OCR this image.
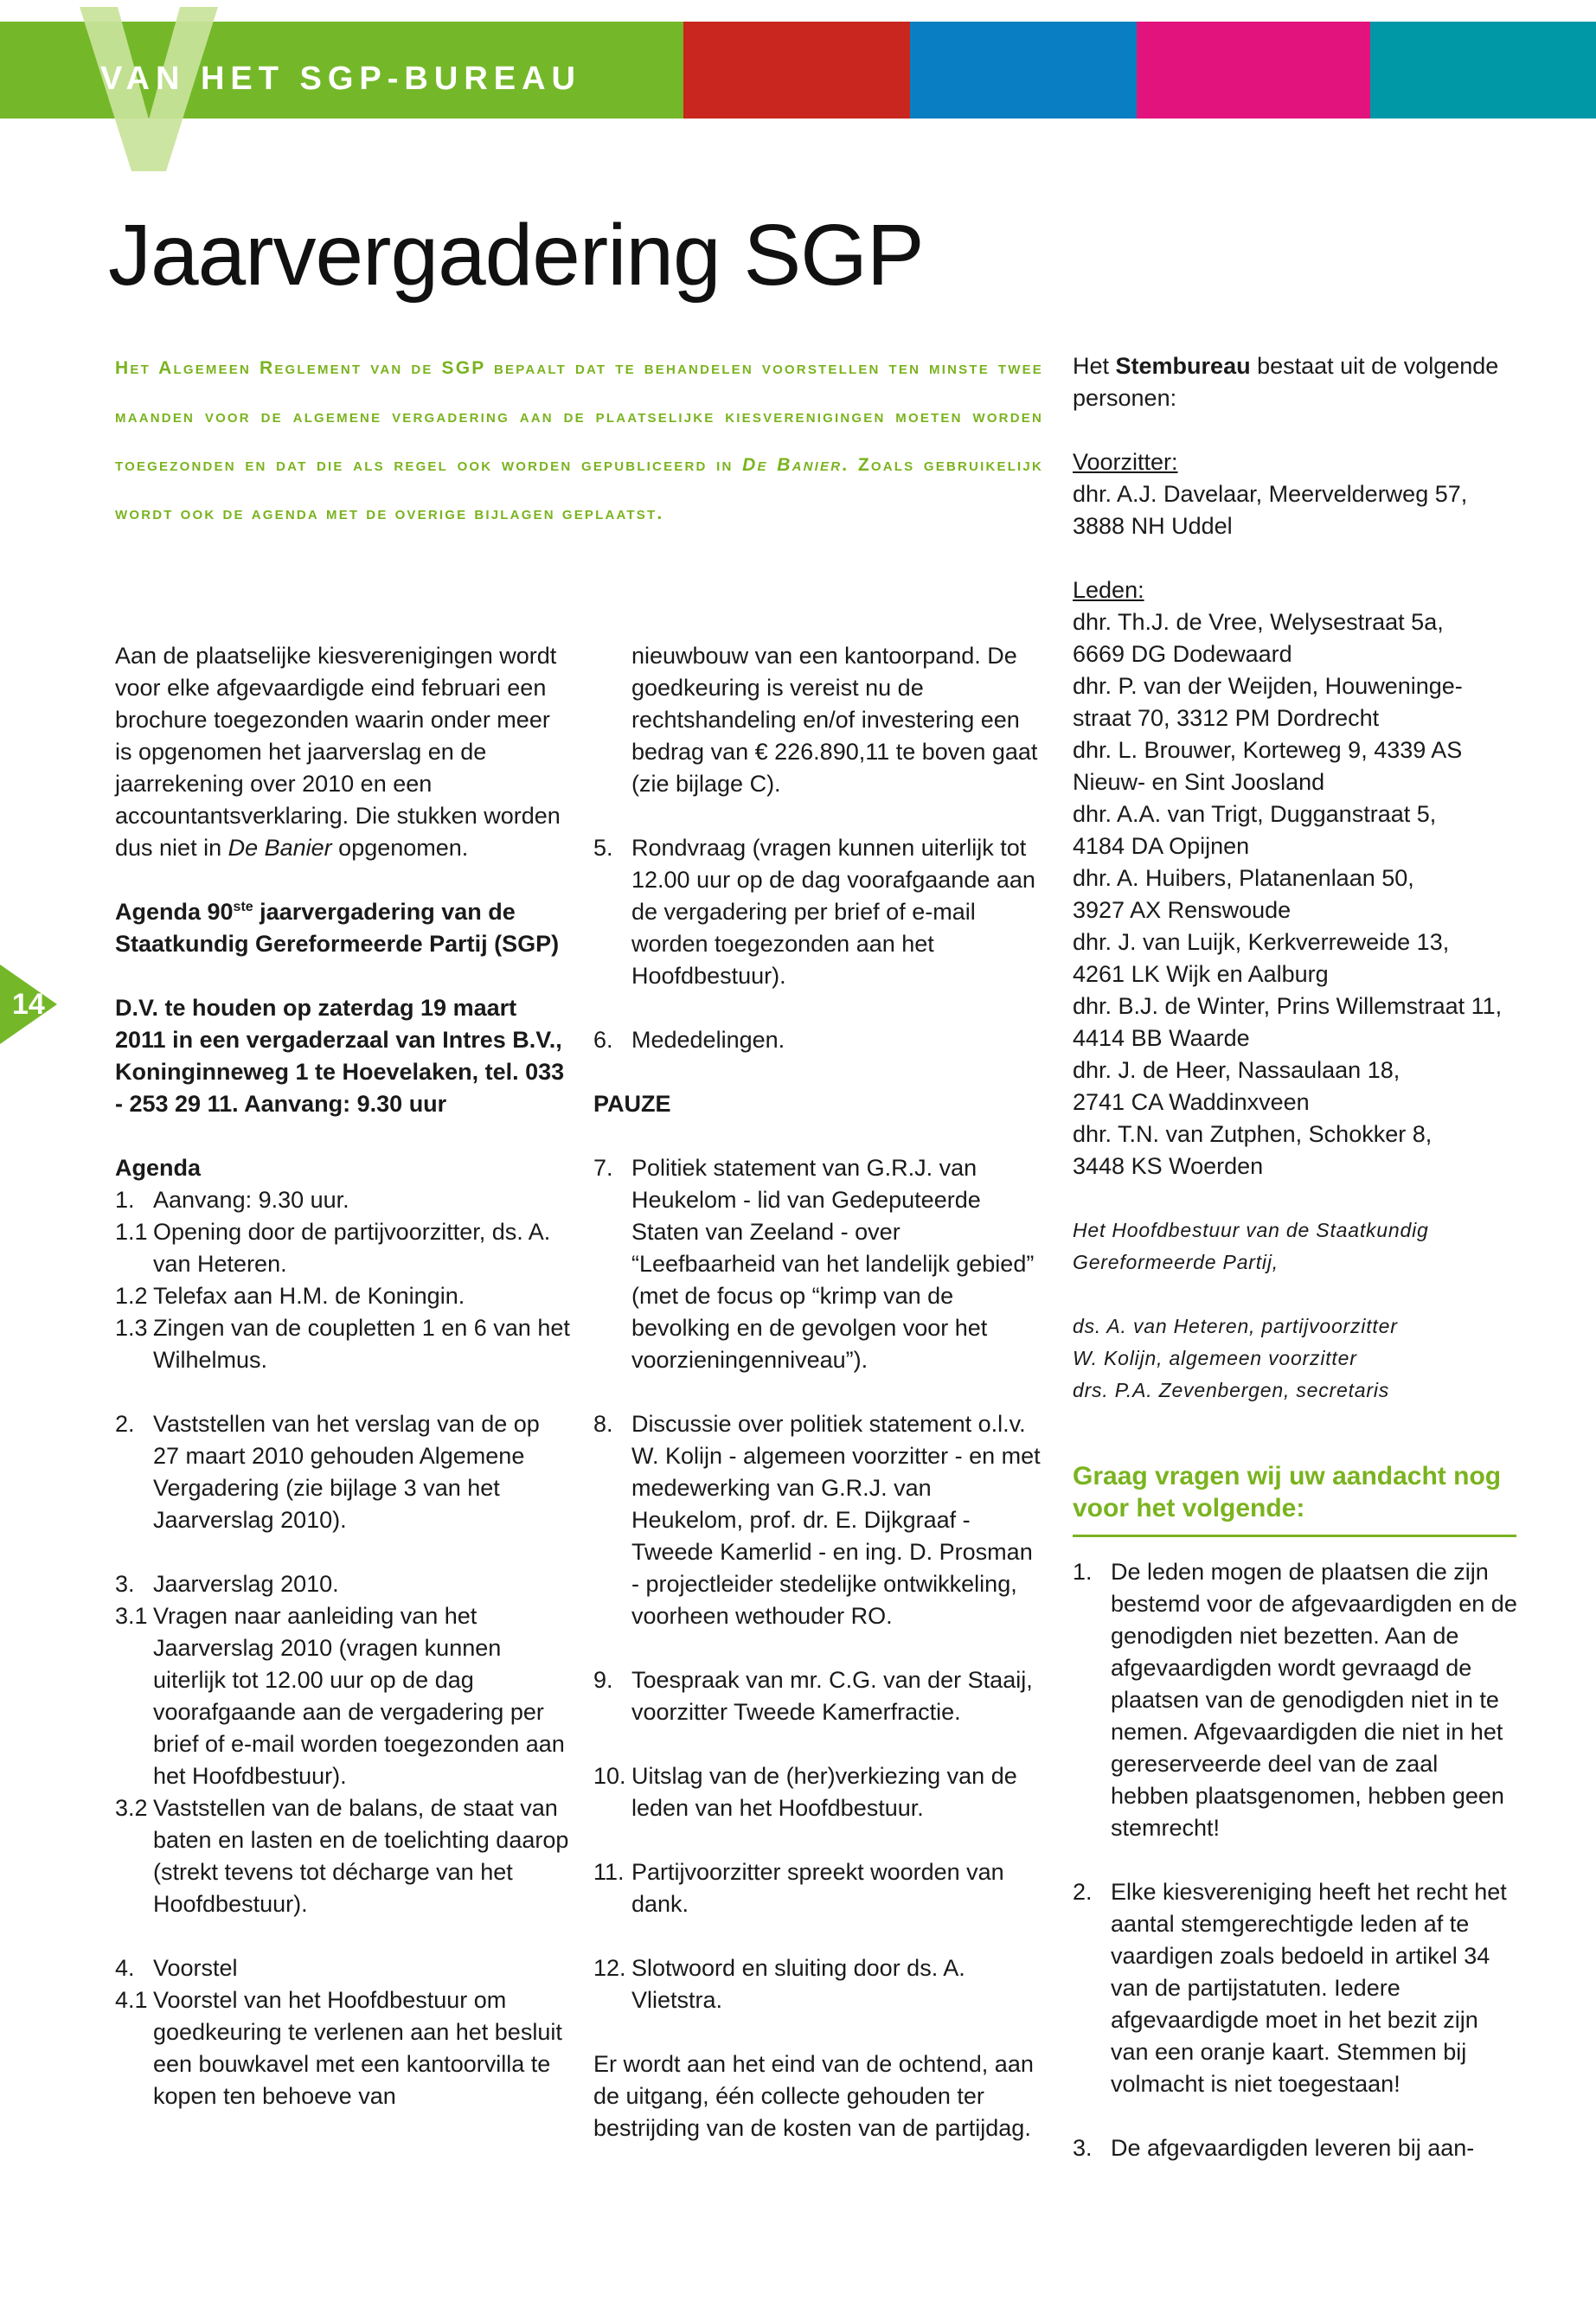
VAN HET SGP-BUREAU
Jaarvergadering SGP

Het Algemeen Reglement van de SGP bepaalt dat te behandelen voorstellen ten minste twee maanden voor de algemene vergadering aan de plaatselijke kiesverenigingen moeten worden toegezonden en dat die als regel ook worden gepubliceerd in De Banier. Zoals gebruikelijk wordt ook de agenda met de overige bijlagen geplaatst.

14

Aan de plaatselijke kiesverenigingen wordt voor elke afgevaardigde eind februari een brochure toegezonden waarin onder meer is opgenomen het jaarverslag en de jaarrekening over 2010 en een accountantsverklaring. Die stukken worden dus niet in De Banier opgenomen.

Agenda 90ste jaarvergadering van de Staatkundig Gereformeerde Partij (SGP)

D.V. te houden op zaterdag 19 maart 2011 in een vergaderzaal van Intres B.V., Koninginneweg 1 te Hoevelaken, tel. 033 - 253 29 11. Aanvang: 9.30 uur

Agenda

1. Aanvang: 9.30 uur.
1.1 Opening door de partijvoorzitter, ds. A. van Heteren.
1.2 Telefax aan H.M. de Koningin.
1.3 Zingen van de coupletten 1 en 6 van het Wilhelmus.
2. Vaststellen van het verslag van de op 27 maart 2010 gehouden Algemene Vergadering (zie bijlage 3 van het Jaarverslag 2010).
3. Jaarverslag 2010.
3.1 Vragen naar aanleiding van het Jaarverslag 2010 (vragen kunnen uiterlijk tot 12.00 uur op de dag voorafgaande aan de vergadering per brief of e-mail worden toegezonden aan het Hoofdbestuur).
3.2 Vaststellen van de balans, de staat van baten en lasten en de toelichting daarop (strekt tevens tot décharge van het Hoofdbestuur).
4. Voorstel
4.1 Voorstel van het Hoofdbestuur om goedkeuring te verlenen aan het besluit een bouwkavel met een kantoorvilla te kopen ten behoeve van
nieuwbouw van een kantoorpand. De goedkeuring is vereist nu de rechtshandeling en/of investering een bedrag van € 226.890,11 te boven gaat (zie bijlage C).
5. Rondvraag (vragen kunnen uiterlijk tot 12.00 uur op de dag voorafgaande aan de vergadering per brief of e-mail worden toegezonden aan het Hoofdbestuur).
6. Mededelingen.

PAUZE

7. Politiek statement van G.R.J. van Heukelom - lid van Gedeputeerde Staten van Zeeland - over “Leefbaarheid van het landelijk gebied” (met de focus op “krimp van de bevolking en de gevolgen voor het voorzieningenniveau”).
8. Discussie over politiek statement o.l.v. W. Kolijn - algemeen voorzitter - en met medewerking van G.R.J. van Heukelom, prof. dr. E. Dijkgraaf - Tweede Kamerlid - en ing. D. Prosman - projectleider stedelijke ontwikkeling, voorheen wethouder RO.
9. Toespraak van mr. C.G. van der Staaij, voorzitter Tweede Kamerfractie.
10. Uitslag van de (her)verkiezing van de leden van het Hoofdbestuur.
11. Partijvoorzitter spreekt woorden van dank.
12. Slotwoord en sluiting door ds. A. Vlietstra.

Er wordt aan het eind van de ochtend, aan de uitgang, één collecte gehouden ter bestrijding van de kosten van de partijdag.

Het Stembureau bestaat uit de volgende personen:

Voorzitter:

dhr. A.J. Davelaar, Meervelderweg 57,

3888 NH Uddel

Leden:

dhr. Th.J. de Vree, Welysestraat 5a,

6669 DG Dodewaard

dhr. P. van der Weijden, Houweninge-

straat 70, 3312 PM Dordrecht

dhr. L. Brouwer, Korteweg 9, 4339 AS

Nieuw- en Sint Joosland

dhr. A.A. van Trigt, Dugganstraat 5,

4184 DA Opijnen

dhr. A. Huibers, Platanenlaan 50,

3927 AX Renswoude

dhr. J. van Luijk, Kerkverreweide 13,

4261 LK Wijk en Aalburg

dhr. B.J. de Winter, Prins Willemstraat 11,

4414 BB Waarde

dhr. J. de Heer, Nassaulaan 18,

2741 CA Waddinxveen

dhr. T.N. van Zutphen, Schokker 8,

3448 KS Woerden

Het Hoofdbestuur van de Staatkundig

Gereformeerde Partij,

ds. A. van Heteren, partijvoorzitter

W. Kolijn, algemeen voorzitter

drs. P.A. Zevenbergen, secretaris

Graag vragen wij uw aandacht nog voor het volgende:

1. De leden mogen de plaatsen die zijn bestemd voor de afgevaardigden en de genodigden niet bezetten. Aan de afgevaardigden wordt gevraagd de plaatsen van de genodigden niet in te nemen. Afgevaardigden die niet in het gereserveerde deel van de zaal hebben plaatsgenomen, hebben geen stemrecht!
2. Elke kiesvereniging heeft het recht het aantal stemgerechtigde leden af te vaardigen zoals bedoeld in artikel 34 van de partijstatuten. Iedere afgevaardigde moet in het bezit zijn van een oranje kaart. Stemmen bij volmacht is niet toegestaan!
3. De afgevaardigden leveren bij aan-
